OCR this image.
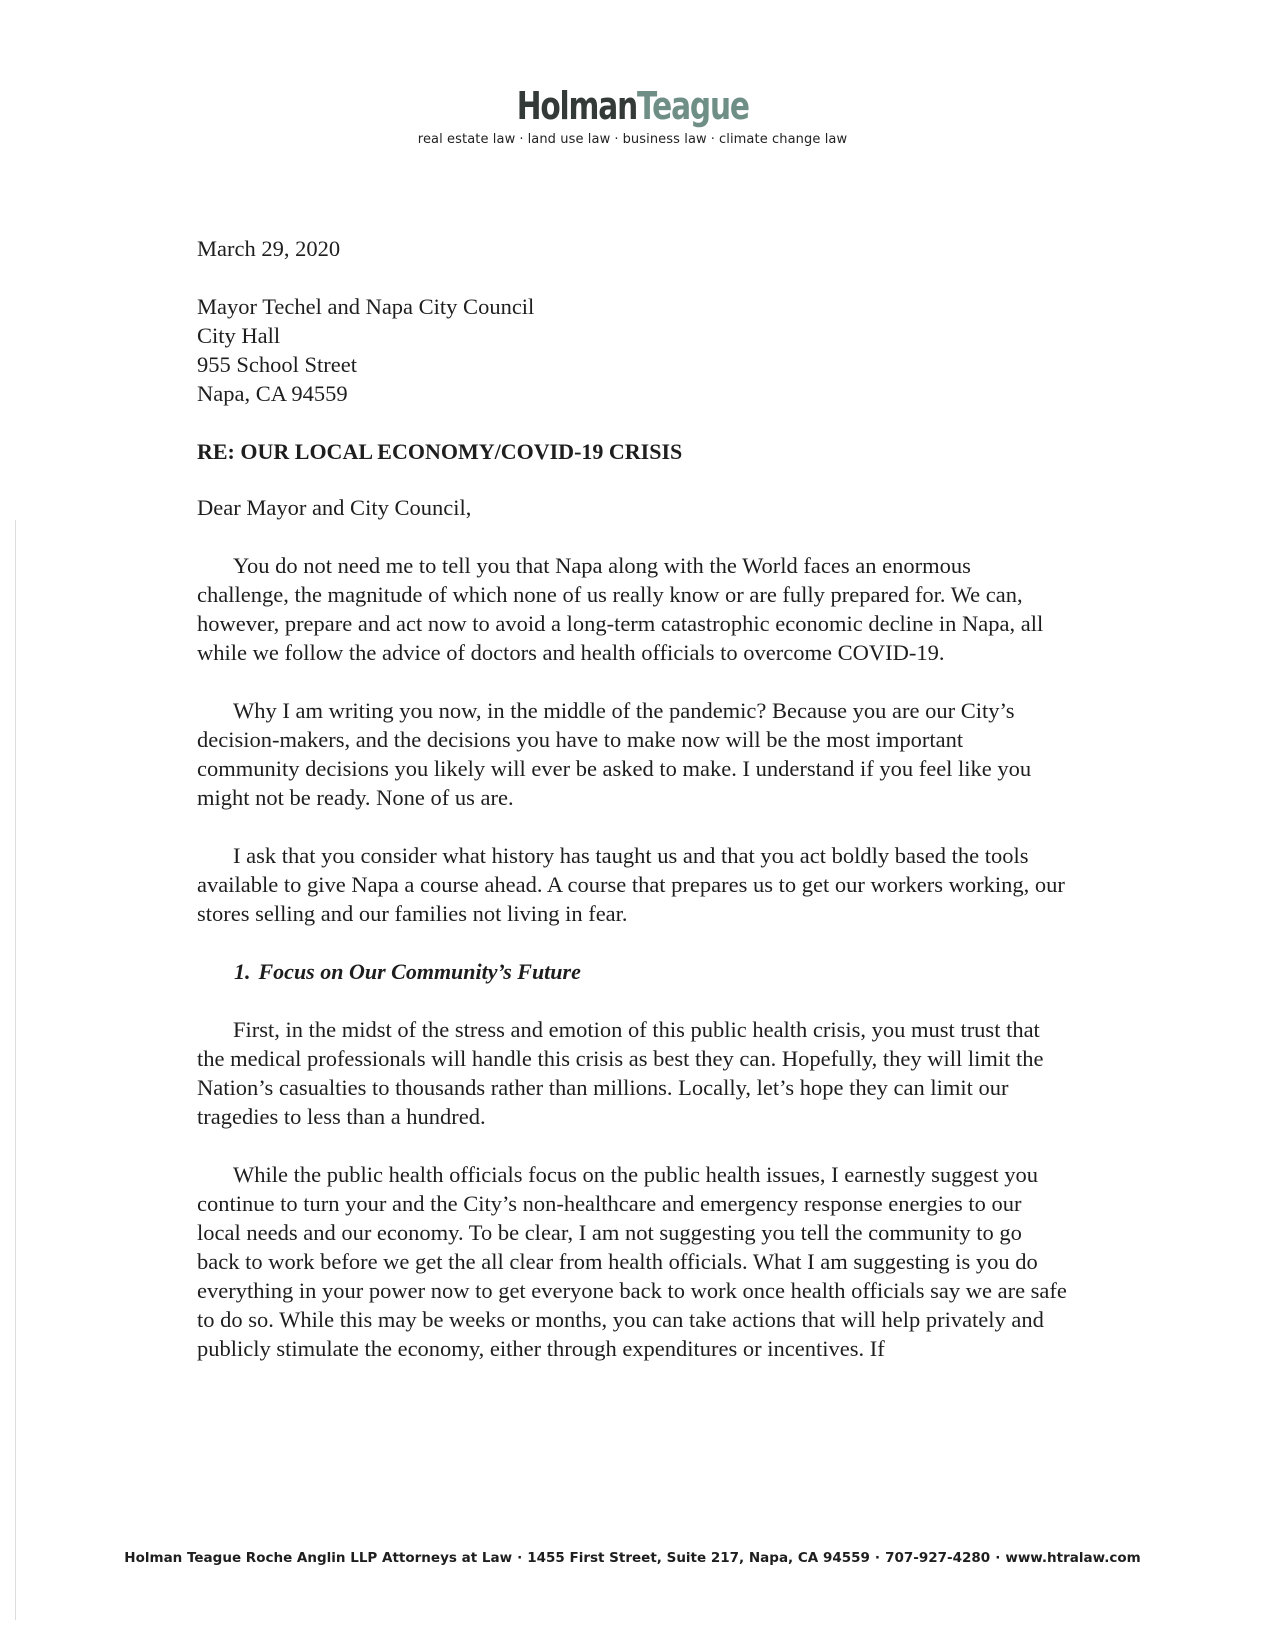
HolmanTeague
real estate law · land use law · business law · climate change law
March 29, 2020
Mayor Techel and Napa City Council
City Hall
955 School Street
Napa, CA 94559
RE: OUR LOCAL ECONOMY/COVID-19 CRISIS
Dear Mayor and City Council,

You do not need me to tell you that Napa along with the World faces an enormous challenge, the magnitude of which none of us really know or are fully prepared for. We can, however, prepare and act now to avoid a long-term catastrophic economic decline in Napa, all while we follow the advice of doctors and health officials to overcome COVID-19.

Why I am writing you now, in the middle of the pandemic? Because you are our City’s decision-makers, and the decisions you have to make now will be the most important community decisions you likely will ever be asked to make. I understand if you feel like you might not be ready. None of us are.

I ask that you consider what history has taught us and that you act boldly based the tools available to give Napa a course ahead. A course that prepares us to get our workers working, our stores selling and our families not living in fear.

1. Focus on Our Community’s Future

First, in the midst of the stress and emotion of this public health crisis, you must trust that the medical professionals will handle this crisis as best they can. Hopefully, they will limit the Nation’s casualties to thousands rather than millions. Locally, let’s hope they can limit our tragedies to less than a hundred.

While the public health officials focus on the public health issues, I earnestly suggest you continue to turn your and the City’s non-healthcare and emergency response energies to our local needs and our economy. To be clear, I am not suggesting you tell the community to go back to work before we get the all clear from health officials. What I am suggesting is you do everything in your power now to get everyone back to work once health officials say we are safe to do so. While this may be weeks or months, you can take actions that will help privately and publicly stimulate the economy, either through expenditures or incentives. If

Holman Teague Roche Anglin LLP Attorneys at Law · 1455 First Street, Suite 217, Napa, CA 94559 · 707-927-4280 · www.htralaw.com
